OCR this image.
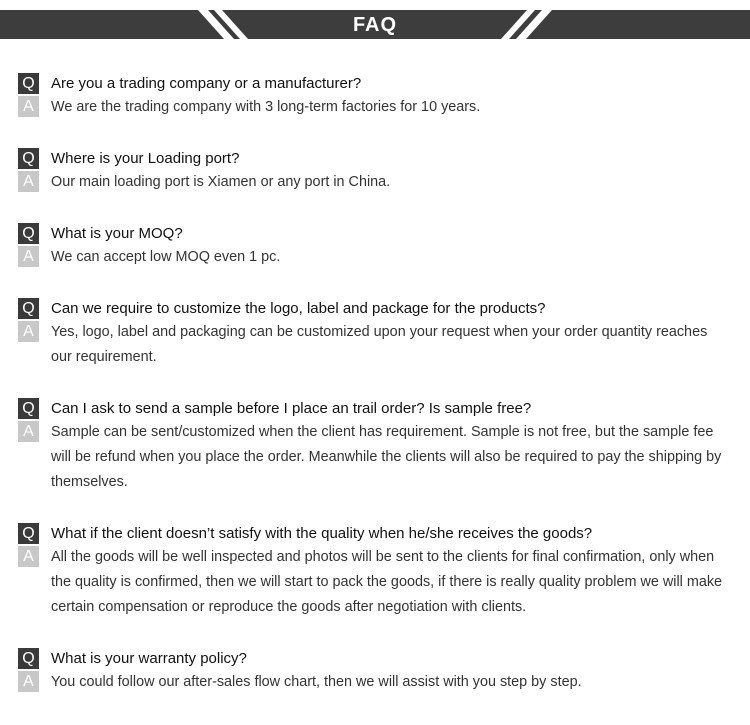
FAQ
Q Are you a trading company or a manufacturer?
A	We are the trading company with 3 long-term factories for 10 years.
Q Where is your Loading port?
A	Our main loading port is Xiamen or any port in China.
Q What is your MOQ?
A	We can accept low MOQ even 1 pc.
Q Can we require to customize the logo, label and package for the products?
A	Yes, logo, label and packaging can be customized upon your request when your order quantity reaches our requirement.
Q Can I ask to send a sample before I place an trail order? Is sample free?
A	Sample can be sent/customized when the client has requirement. Sample is not free, but the sample fee will be refund when you place the order. Meanwhile the clients will also be required to pay the shipping by themselves.
Q What if the client doesn’t satisfy with the quality when he/she receives the goods?
A	All the goods will be well inspected and photos will be sent to the clients for final confirmation, only when the quality is confirmed, then we will start to pack the goods, if there is really quality problem we will make certain compensation or reproduce the goods after negotiation with clients.
Q What is your warranty policy?
A	You could follow our after-sales flow chart, then we will assist with you step by step.
